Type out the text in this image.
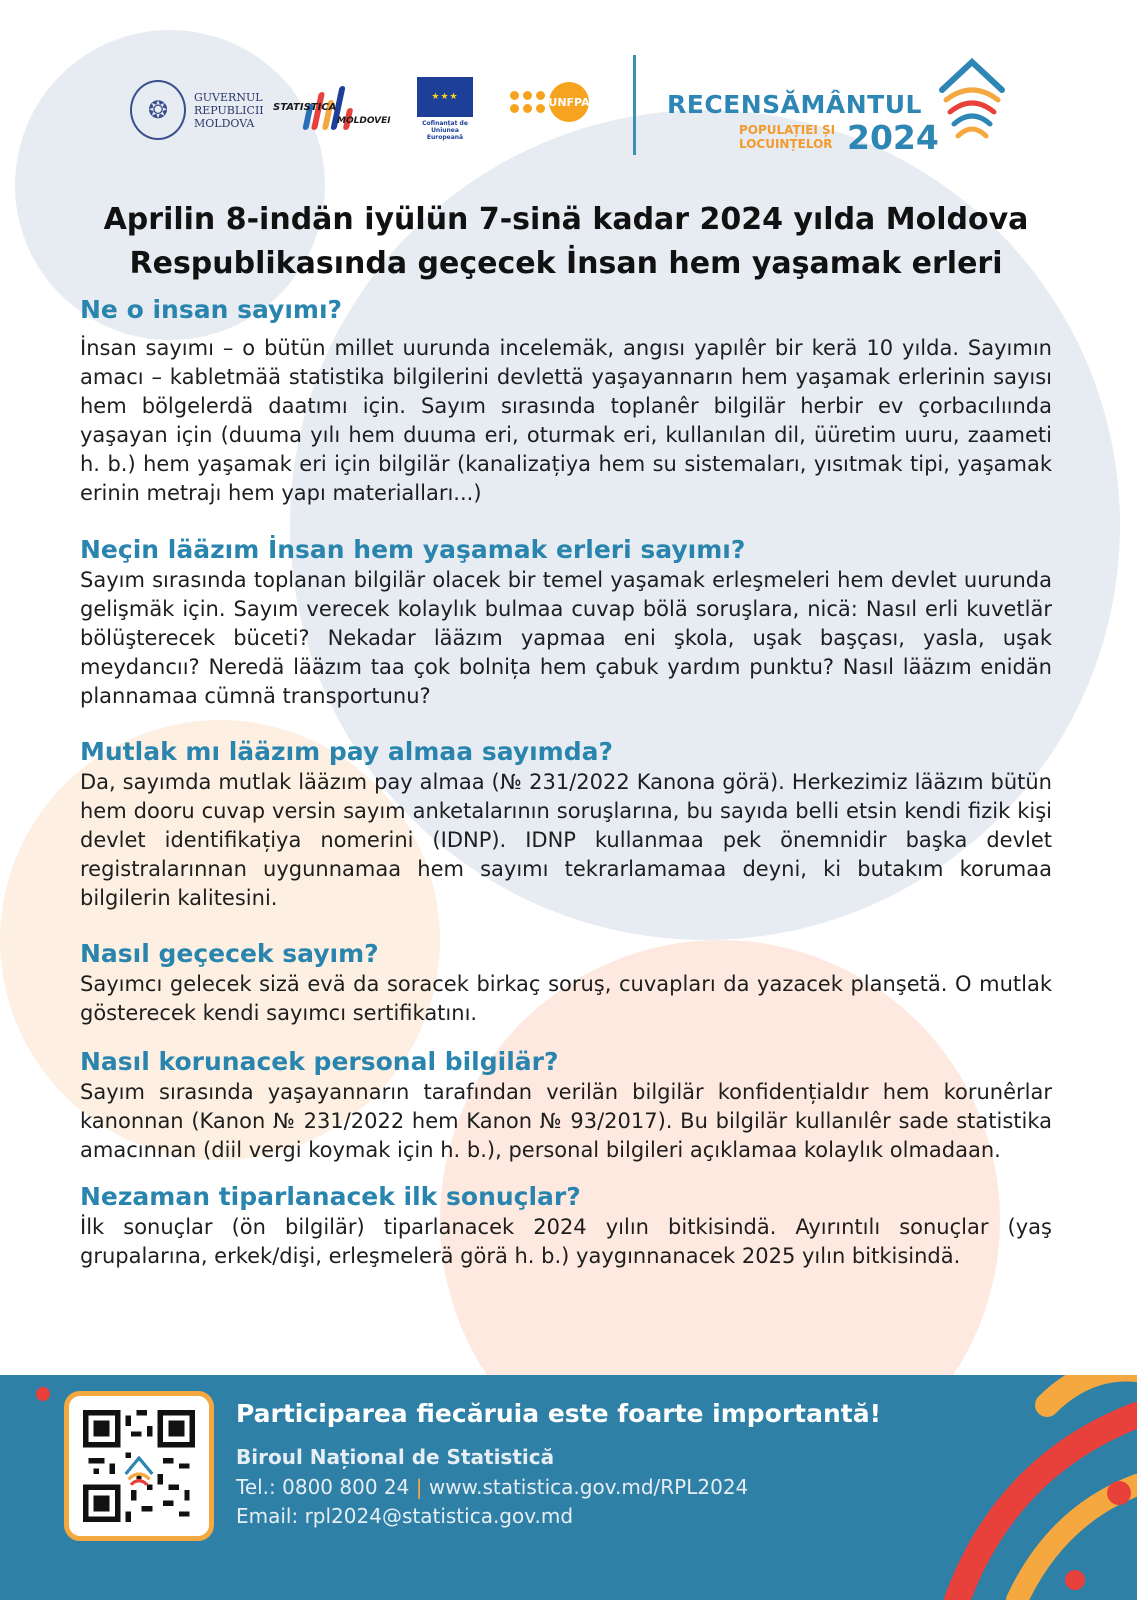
❂	GUVERNUL
REPUBLICII
MOLDOVA
STATISTICA
MOLDOVEI
★★★
Cofinanțat de
Uniunea Europeană
UNFPA	RECENSĂMÂNTUL
POPULAȚIEI ȘI
LOCUINȚELOR 2024
Aprilin 8-indän iyülün 7-sinä kadar 2024 yılda Moldova
Respublikasında geçecek İnsan hem yaşamak erleri
Ne o insan sayımı?

İnsan sayımı – o bütün millet uurunda incelemäk, angısı yapılêr bir kerä 10 yılda. Sayımın amacı – kabletmää statistika bilgilerini devlettä yaşayannarın hem yaşamak erlerinin sayısı hem bölgelerdä daatımı için. Sayım sırasında toplanêr bilgilär herbir ev çorbacılıında yaşayan için (duuma yılı hem duuma eri, oturmak eri, kullanılan dil, üüretim uuru, zaameti h. b.) hem yaşamak eri için bilgilär (kanalizațiya hem su sistemaları, yısıtmak tipi, yaşamak erinin metrajı hem yapı materialları...)

Neçin lääzım İnsan hem yaşamak erleri sayımı?

Sayım sırasında toplanan bilgilär olacek bir temel yaşamak erleşmeleri hem devlet uurunda gelişmäk için. Sayım verecek kolaylık bulmaa cuvap bölä soruşlara, nicä: Nasıl erli kuvetlär bölüşterecek büceti? Nekadar lääzım yapmaa eni şkola, uşak başçası, yasla, uşak meydancıı? Neredä lääzım taa çok bolnița hem çabuk yardım punktu? Nasıl lääzım enidän plannamaa cümnä transportunu?

Mutlak mı lääzım pay almaa sayımda?

Da, sayımda mutlak lääzım pay almaa (№ 231/2022 Kanona görä). Herkezimiz lääzım bütün hem dooru cuvap versin sayım anketalarının soruşlarına, bu sayıda belli etsin kendi fizik kişi devlet identifikațiya nomerini (IDNP). IDNP kullanmaa pek önemnidir başka devlet registralarınnan uygunnamaa hem sayımı tekrarlamamaa deyni, ki butakım korumaa bilgilerin kalitesini.

Nasıl geçecek sayım?

Sayımcı gelecek sizä evä da soracek birkaç soruş, cuvapları da yazacek planşetä. O mutlak gösterecek kendi sayımcı sertifikatını.

Nasıl korunacek personal bilgilär?

Sayım sırasında yaşayannarın tarafından verilän bilgilär konfidențialdır hem korunêrlar kanonnan (Kanon № 231/2022 hem Kanon № 93/2017). Bu bilgilär kullanılêr sade statistika amacınnan (diil vergi koymak için h. b.), personal bilgileri açıklamaa kolaylık olmadaan.

Nezaman tiparlanacek ilk sonuçlar?

İlk sonuçlar (ön bilgilär) tiparlanacek 2024 yılın bitkisindä. Ayırıntılı sonuçlar (yaş grupalarına, erkek/dişi, erleşmelerä görä h. b.) yaygınnanacek 2025 yılın bitkisindä.

Participarea fiecăruia este foarte importantă!
Biroul Național de Statistică
Tel.: 0800 800 24 | www.statistica.gov.md/RPL2024
Email: rpl2024@statistica.gov.md
